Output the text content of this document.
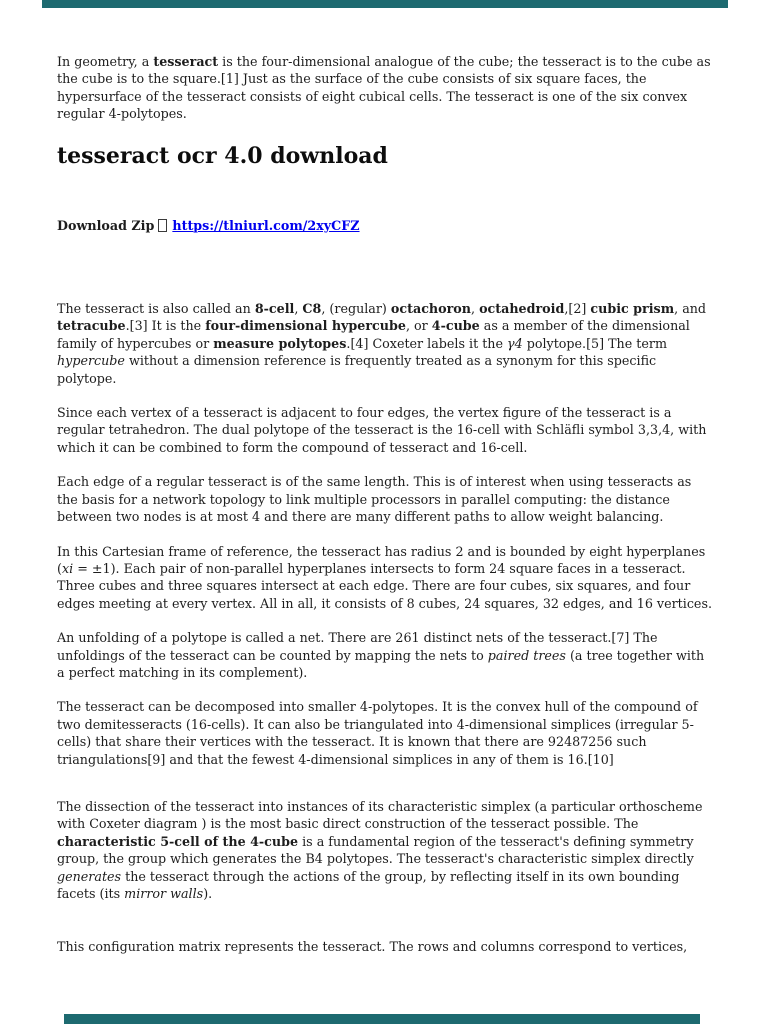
In geometry, a tesseract is the four-dimensional analogue of the cube; the tesseract is to the cube as the cube is to the square.[1] Just as the surface of the cube consists of six square faces, the hypersurface of the tesseract consists of eight cubical cells. The tesseract is one of the six convex regular 4-polytopes.

tesseract ocr 4.0 download

Download Zip https://tlniurl.com/2xyCFZ

The tesseract is also called an 8-cell, C8, (regular) octachoron, octahedroid,[2] cubic prism, and tetracube.[3] It is the four-dimensional hypercube, or 4-cube as a member of the dimensional family of hypercubes or measure polytopes.[4] Coxeter labels it the γ4 polytope.[5] The term hypercube without a dimension reference is frequently treated as a synonym for this specific polytope.

Since each vertex of a tesseract is adjacent to four edges, the vertex figure of the tesseract is a regular tetrahedron. The dual polytope of the tesseract is the 16-cell with Schläfli symbol 3,3,4, with which it can be combined to form the compound of tesseract and 16-cell.

Each edge of a regular tesseract is of the same length. This is of interest when using tesseracts as the basis for a network topology to link multiple processors in parallel computing: the distance between two nodes is at most 4 and there are many different paths to allow weight balancing.

In this Cartesian frame of reference, the tesseract has radius 2 and is bounded by eight hyperplanes (xi = ±1). Each pair of non-parallel hyperplanes intersects to form 24 square faces in a tesseract. Three cubes and three squares intersect at each edge. There are four cubes, six squares, and four edges meeting at every vertex. All in all, it consists of 8 cubes, 24 squares, 32 edges, and 16 vertices.

An unfolding of a polytope is called a net. There are 261 distinct nets of the tesseract.[7] The unfoldings of the tesseract can be counted by mapping the nets to paired trees (a tree together with a perfect matching in its complement).

The tesseract can be decomposed into smaller 4-polytopes. It is the convex hull of the compound of two demitesseracts (16-cells). It can also be triangulated into 4-dimensional simplices (irregular 5-cells) that share their vertices with the tesseract. It is known that there are 92487256 such triangulations[9] and that the fewest 4-dimensional simplices in any of them is 16.[10]

The dissection of the tesseract into instances of its characteristic simplex (a particular orthoscheme with Coxeter diagram ) is the most basic direct construction of the tesseract possible. The characteristic 5-cell of the 4-cube is a fundamental region of the tesseract's defining symmetry group, the group which generates the B4 polytopes. The tesseract's characteristic simplex directly generates the tesseract through the actions of the group, by reflecting itself in its own bounding facets (its mirror walls).

This configuration matrix represents the tesseract. The rows and columns correspond to vertices,
